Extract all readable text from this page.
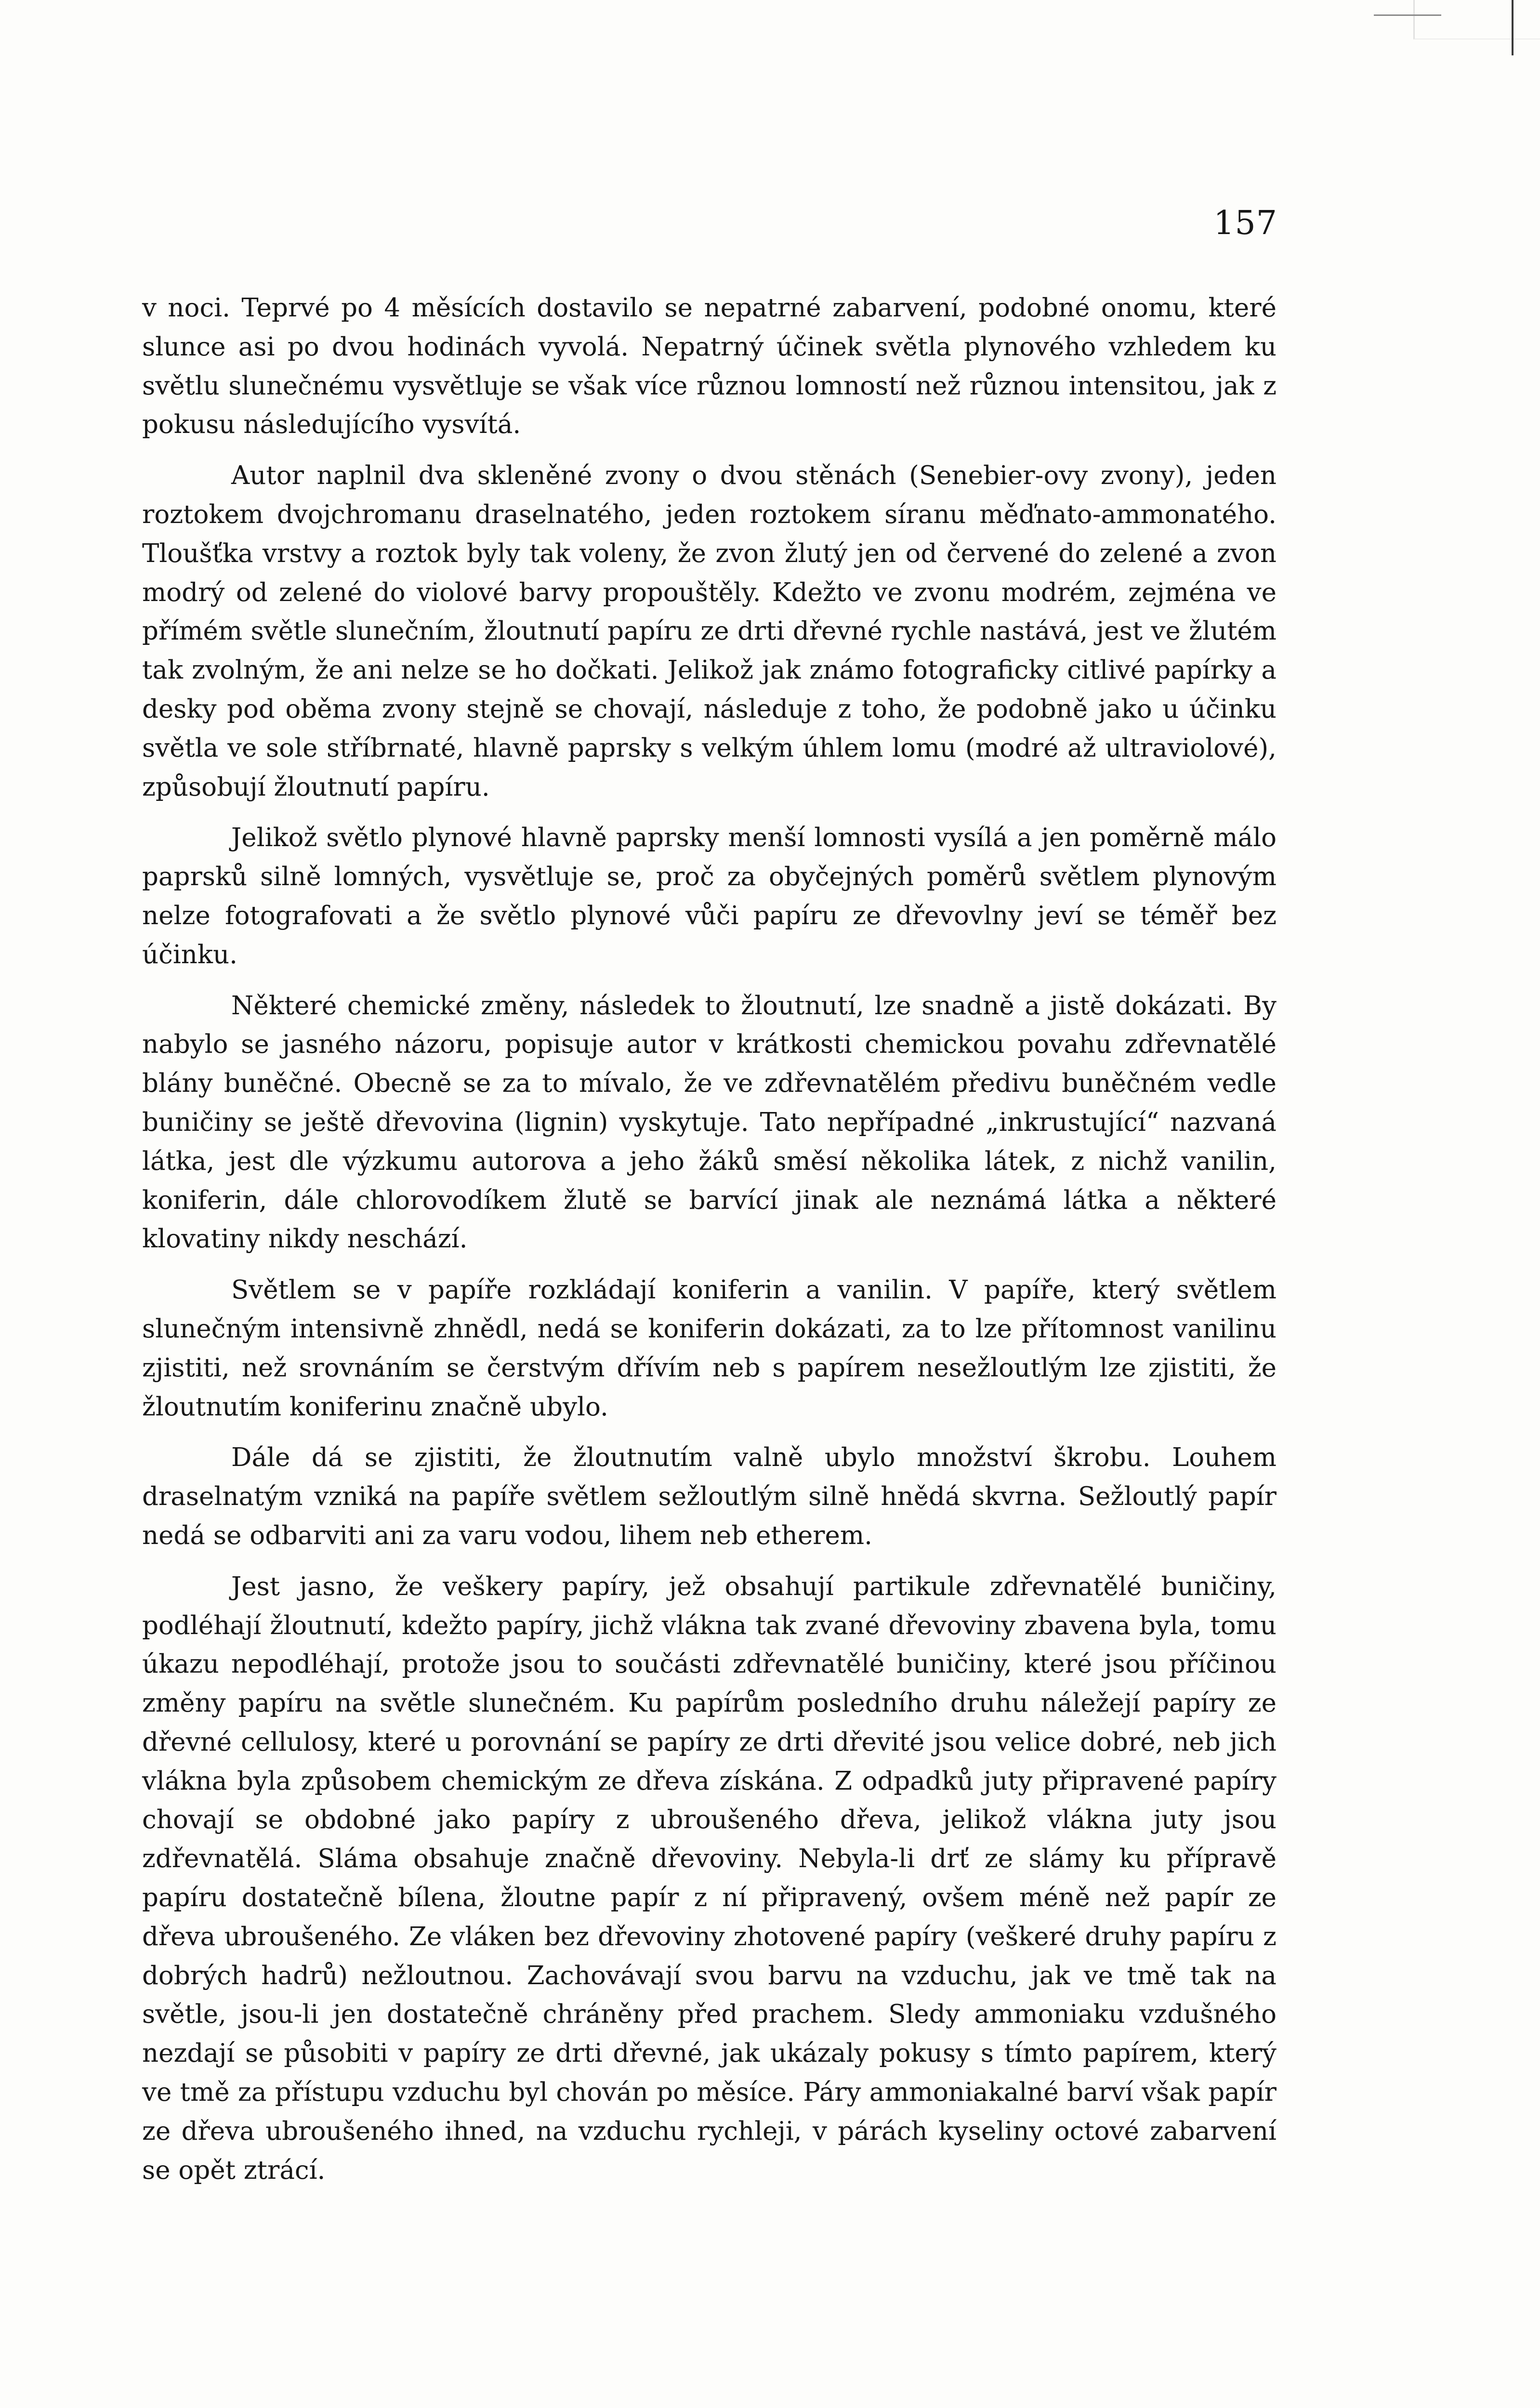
157

v noci. Teprvé po 4 měsících dostavilo se nepatrné zabarvení, podobné onomu, které slunce asi po dvou hodinách vyvolá. Nepatrný účinek světla plynového vzhledem ku světlu slunečnému vysvětluje se však více různou lomností než různou intensitou, jak z pokusu následujícího vysvítá.

Autor naplnil dva skleněné zvony o dvou stěnách (Senebier-ovy zvony), jeden roztokem dvojchromanu draselnatého, jeden roztokem síranu měďnato-ammonatého. Tloušťka vrstvy a roztok byly tak voleny, že zvon žlutý jen od červené do zelené a zvon modrý od zelené do violové barvy propouštěly. Kdežto ve zvonu modrém, zejména ve přímém světle slunečním, žloutnutí papíru ze drti dřevné rychle nastává, jest ve žlutém tak zvolným, že ani nelze se ho dočkati. Jelikož jak známo fotograficky citlivé papírky a desky pod oběma zvony stejně se chovají, následuje z toho, že podobně jako u účinku světla ve sole stříbrnaté, hlavně paprsky s velkým úhlem lomu (modré až ultraviolové), způsobují žloutnutí papíru.

Jelikož světlo plynové hlavně paprsky menší lomnosti vysílá a jen poměrně málo paprsků silně lomných, vysvětluje se, proč za obyčejných poměrů světlem plynovým nelze fotografovati a že světlo plynové vůči papíru ze dřevovlny jeví se téměř bez účinku.

Některé chemické změny, následek to žloutnutí, lze snadně a jistě dokázati. By nabylo se jasného názoru, popisuje autor v krátkosti chemickou povahu zdřevnatělé blány buněčné. Obecně se za to mívalo, že ve zdřevnatělém předivu buněčném vedle buničiny se ještě dřevovina (lignin) vyskytuje. Tato nepřípadné „inkrustující“ nazvaná látka, jest dle výzkumu autorova a jeho žáků směsí několika látek, z nichž vanilin, koniferin, dále chlorovodíkem žlutě se barvící jinak ale neznámá látka a některé klovatiny nikdy neschází.

Světlem se v papíře rozkládají koniferin a vanilin. V papíře, který světlem slunečným intensivně zhnědl, nedá se koniferin dokázati, za to lze přítomnost vanilinu zjistiti, než srovnáním se čerstvým dřívím neb s papírem nesežloutlým lze zjistiti, že žloutnutím koniferinu značně ubylo.

Dále dá se zjistiti, že žloutnutím valně ubylo množství škrobu. Louhem draselnatým vzniká na papíře světlem sežloutlým silně hnědá skvrna. Sežloutlý papír nedá se odbarviti ani za varu vodou, lihem neb etherem.

Jest jasno, že veškery papíry, jež obsahují partikule zdřevnatělé buničiny, podléhají žloutnutí, kdežto papíry, jichž vlákna tak zvané dřevoviny zbavena byla, tomu úkazu nepodléhají, protože jsou to součásti zdřevnatělé buničiny, které jsou příčinou změny papíru na světle slunečném. Ku papírům posledního druhu náležejí papíry ze dřevné cellulosy, které u porovnání se papíry ze drti dřevité jsou velice dobré, neb jich vlákna byla způsobem chemickým ze dřeva získána. Z odpadků juty připravené papíry chovají se obdobné jako papíry z ubroušeného dřeva, jelikož vlákna juty jsou zdřevnatělá. Sláma obsahuje značně dřevoviny. Nebyla-li drť ze slámy ku přípravě papíru dostatečně bílena, žloutne papír z ní připravený, ovšem méně než papír ze dřeva ubroušeného. Ze vláken bez dřevoviny zhotovené papíry (veškeré druhy papíru z dobrých hadrů) nežloutnou. Zachovávají svou barvu na vzduchu, jak ve tmě tak na světle, jsou-li jen dostatečně chráněny před prachem. Sledy ammoniaku vzdušného nezdají se působiti v papíry ze drti dřevné, jak ukázaly pokusy s tímto papírem, který ve tmě za přístupu vzduchu byl chován po měsíce. Páry ammoniakalné barví však papír ze dřeva ubroušeného ihned, na vzduchu rychleji, v párách kyseliny octové zabarvení se opět ztrácí.
